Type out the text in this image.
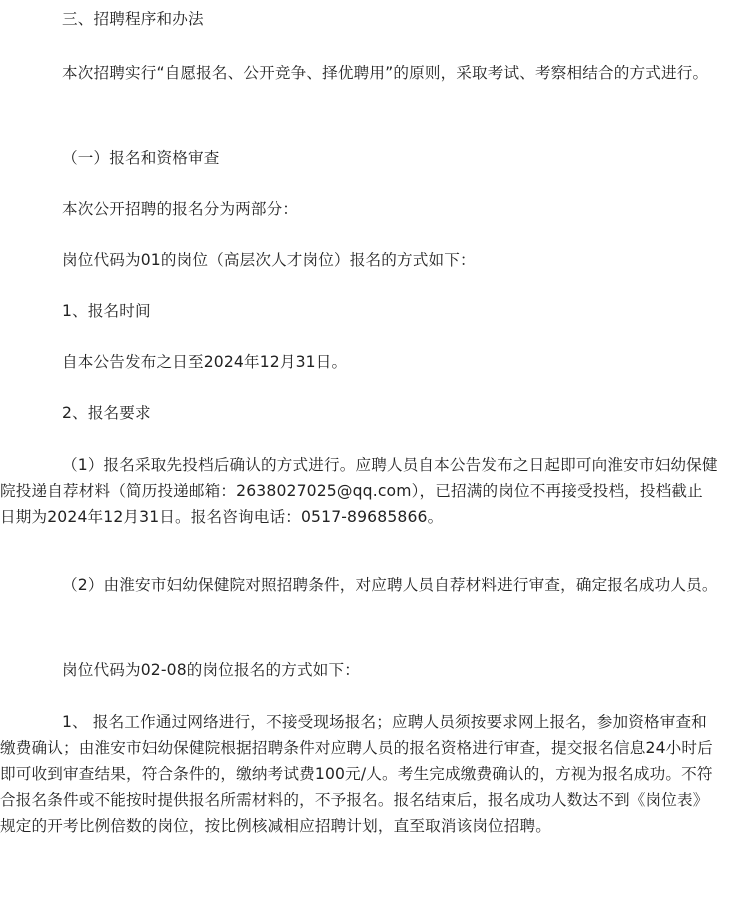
三、招聘程序和办法

本次招聘实行“自愿报名、公开竞争、择优聘用”的原则，采取考试、考察相结合的方式进行。

（一）报名和资格审查

本次公开招聘的报名分为两部分：

岗位代码为01的岗位（高层次人才岗位）报名的方式如下：

1、报名时间

自本公告发布之日至2024年12月31日。

2、报名要求

（1）报名采取先投档后确认的方式进行。应聘人员自本公告发布之日起即可向淮安市妇幼保健院投递自荐材料（简历投递邮箱：2638027025@qq.com），已招满的岗位不再接受投档，投档截止日期为2024年12月31日。报名咨询电话：0517-89685866。

（2）由淮安市妇幼保健院对照招聘条件，对应聘人员自荐材料进行审查，确定报名成功人员。

岗位代码为02-08的岗位报名的方式如下：

1、 报名工作通过网络进行，不接受现场报名；应聘人员须按要求网上报名，参加资格审查和缴费确认；由淮安市妇幼保健院根据招聘条件对应聘人员的报名资格进行审查，提交报名信息24小时后即可收到审查结果，符合条件的，缴纳考试费100元/人。考生完成缴费确认的，方视为报名成功。不符合报名条件或不能按时提供报名所需材料的，不予报名。报名结束后，报名成功人数达不到《岗位表》规定的开考比例倍数的岗位，按比例核减相应招聘计划，直至取消该岗位招聘。
